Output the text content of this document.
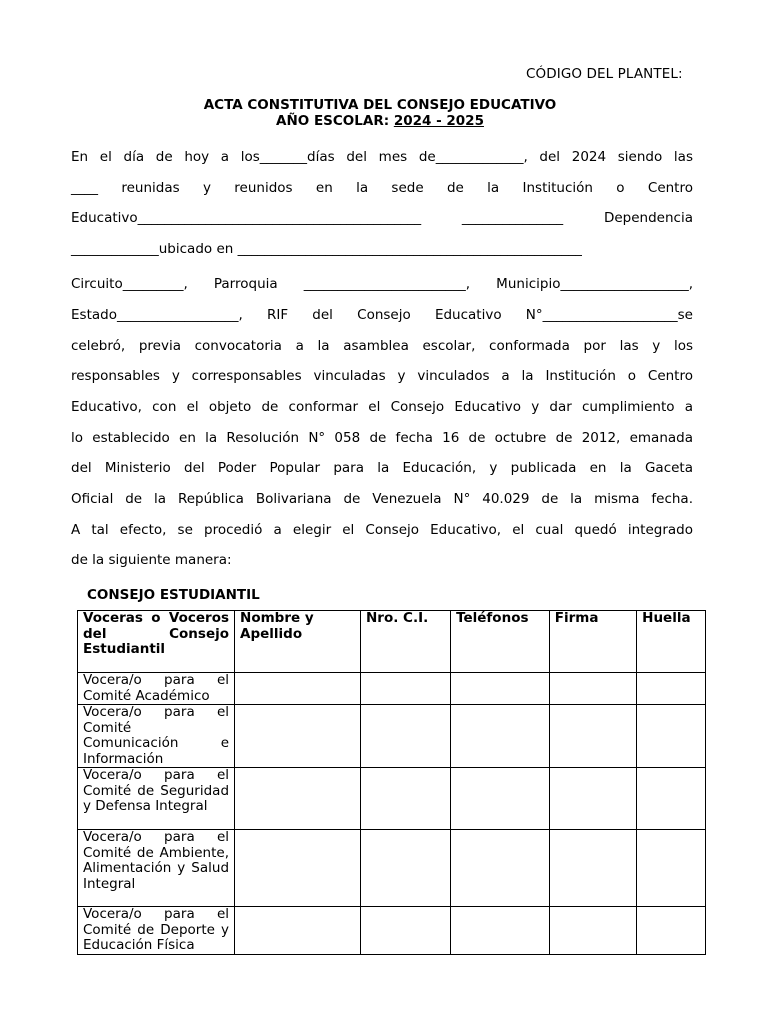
CÓDIGO DEL PLANTEL:
ACTA CONSTITUTIVA DEL CONSEJO EDUCATIVO
AÑO ESCOLAR: 2024 - 2025
En el día de hoy a los_______días del mes de_____________, del 2024 siendo las
____ reunidas y reunidos en la sede de la Institución o Centro
Educativo__________________________________________ _______________ Dependencia
_____________ubicado en ___________________________________________________
Circuito_________, Parroquia ________________________, Municipio___________________,
Estado__________________, RIF del Consejo Educativo N°____________________se
celebró, previa convocatoria a la asamblea escolar, conformada por las y los
responsables y corresponsables vinculadas y vinculados a la Institución o Centro
Educativo, con el objeto de conformar el Consejo Educativo y dar cumplimiento a
lo establecido en la Resolución N° 058 de fecha 16 de octubre de 2012, emanada
del Ministerio del Poder Popular para la Educación, y publicada en la Gaceta
Oficial de la República Bolivariana de Venezuela N° 40.029 de la misma fecha.
A tal efecto, se procedió a elegir el Consejo Educativo, el cual quedó integrado
de la siguiente manera:
CONSEJO ESTUDIANTIL
Voceras o Voceros del Consejo Estudiantil	Nombre y Apellido	Nro. C.I.	Teléfonos	Firma	Huella
Vocera/o para el Comité Académico					
Vocera/o para el Comité Comunicación e Información					
Vocera/o para el Comité de Seguridad y Defensa Integral					
Vocera/o para el Comité de Ambiente, Alimentación y Salud Integral					
Vocera/o para el Comité de Deporte y Educación Física					
